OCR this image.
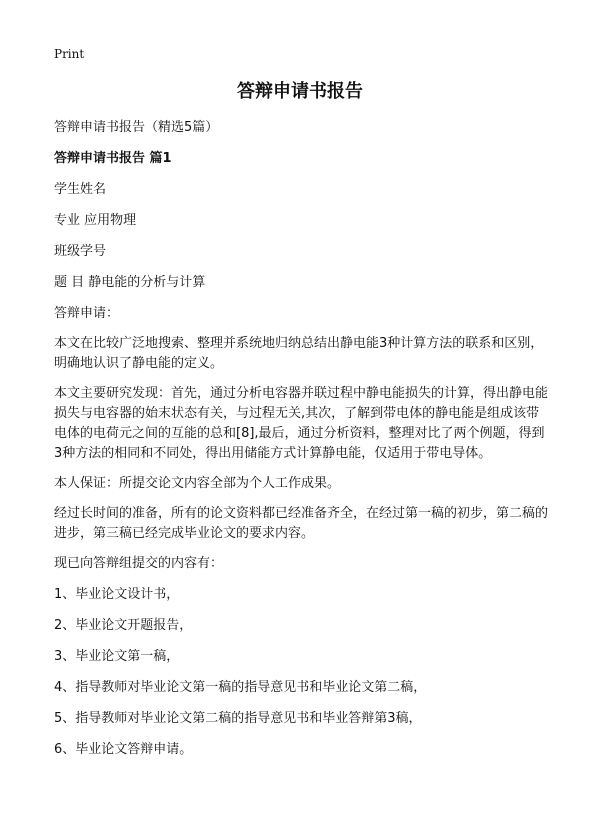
Print
答辩申请书报告

答辩申请书报告（精选5篇）

答辩申请书报告 篇1

学生姓名

专业 应用物理

班级学号

题 目 静电能的分析与计算

答辩申请：

本文在比较广泛地搜索、整理并系统地归纳总结出静电能3种计算方法的联系和区别，明确地认识了静电能的定义。

本文主要研究发现：首先，通过分析电容器并联过程中静电能损失的计算，得出静电能损失与电容器的始末状态有关，与过程无关,其次，了解到带电体的静电能是组成该带电体的电荷元之间的互能的总和[8],最后，通过分析资料，整理对比了两个例题，得到3种方法的相同和不同处，得出用储能方式计算静电能，仅适用于带电导体。

本人保证：所提交论文内容全部为个人工作成果。

经过长时间的准备，所有的论文资料都已经准备齐全，在经过第一稿的初步，第二稿的进步，第三稿已经完成毕业论文的要求内容。

现已向答辩组提交的内容有：

1、毕业论文设计书，

2、毕业论文开题报告，

3、毕业论文第一稿，

4、指导教师对毕业论文第一稿的指导意见书和毕业论文第二稿，

5、指导教师对毕业论文第二稿的指导意见书和毕业答辩第3稿，

6、毕业论文答辩申请。
